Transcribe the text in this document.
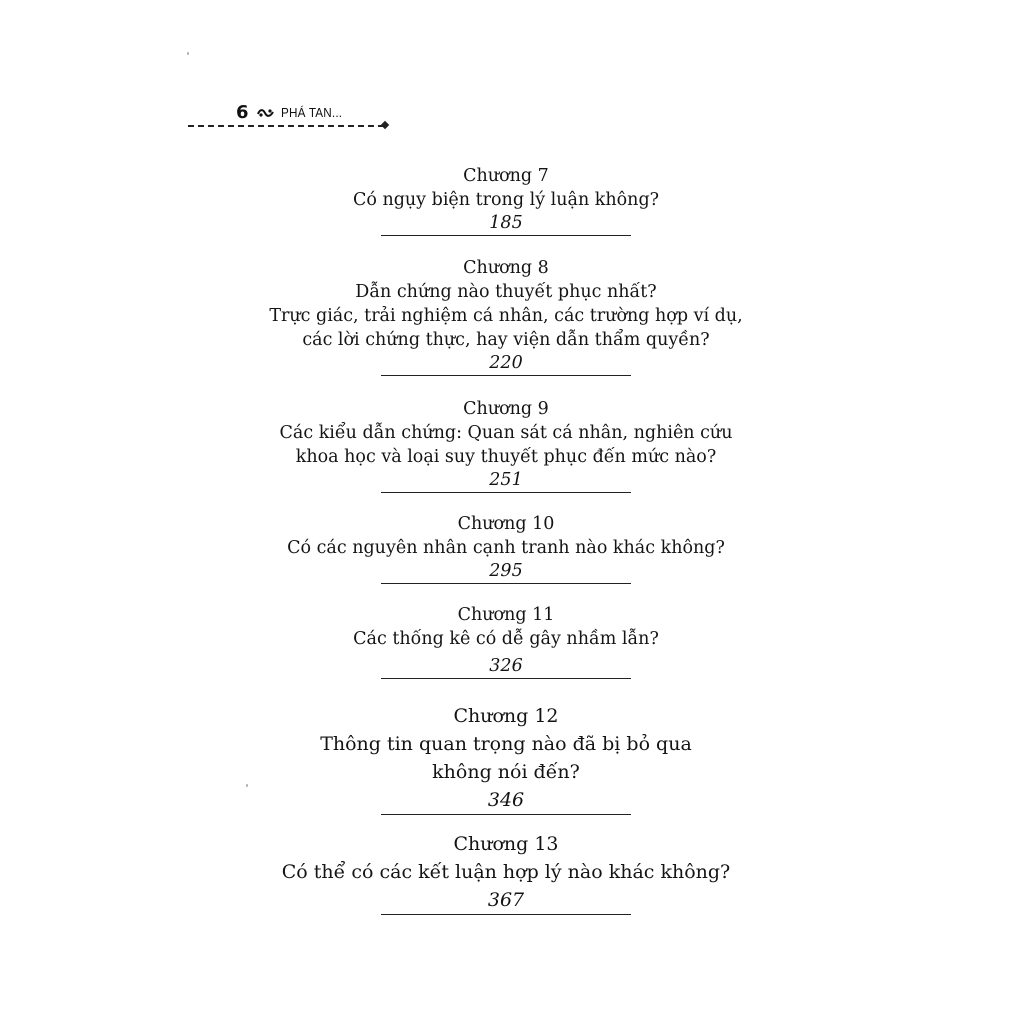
6 PHÁ TAN...
Chương 7
Có ngụy biện trong lý luận không?
185
Chương 8
Dẫn chứng nào thuyết phục nhất?
Trực giác, trải nghiệm cá nhân, các trường hợp ví dụ,
các lời chứng thực, hay viện dẫn thẩm quyền?
220
Chương 9
Các kiểu dẫn chứng: Quan sát cá nhân, nghiên cứu
khoa học và loại suy thuyết phục đến mức nào?
251
Chương 10
Có các nguyên nhân cạnh tranh nào khác không?
295
Chương 11
Các thống kê có dễ gây nhầm lẫn?
326
Chương 12
Thông tin quan trọng nào đã bị bỏ qua
không nói đến?
346
Chương 13
Có thể có các kết luận hợp lý nào khác không?
367
